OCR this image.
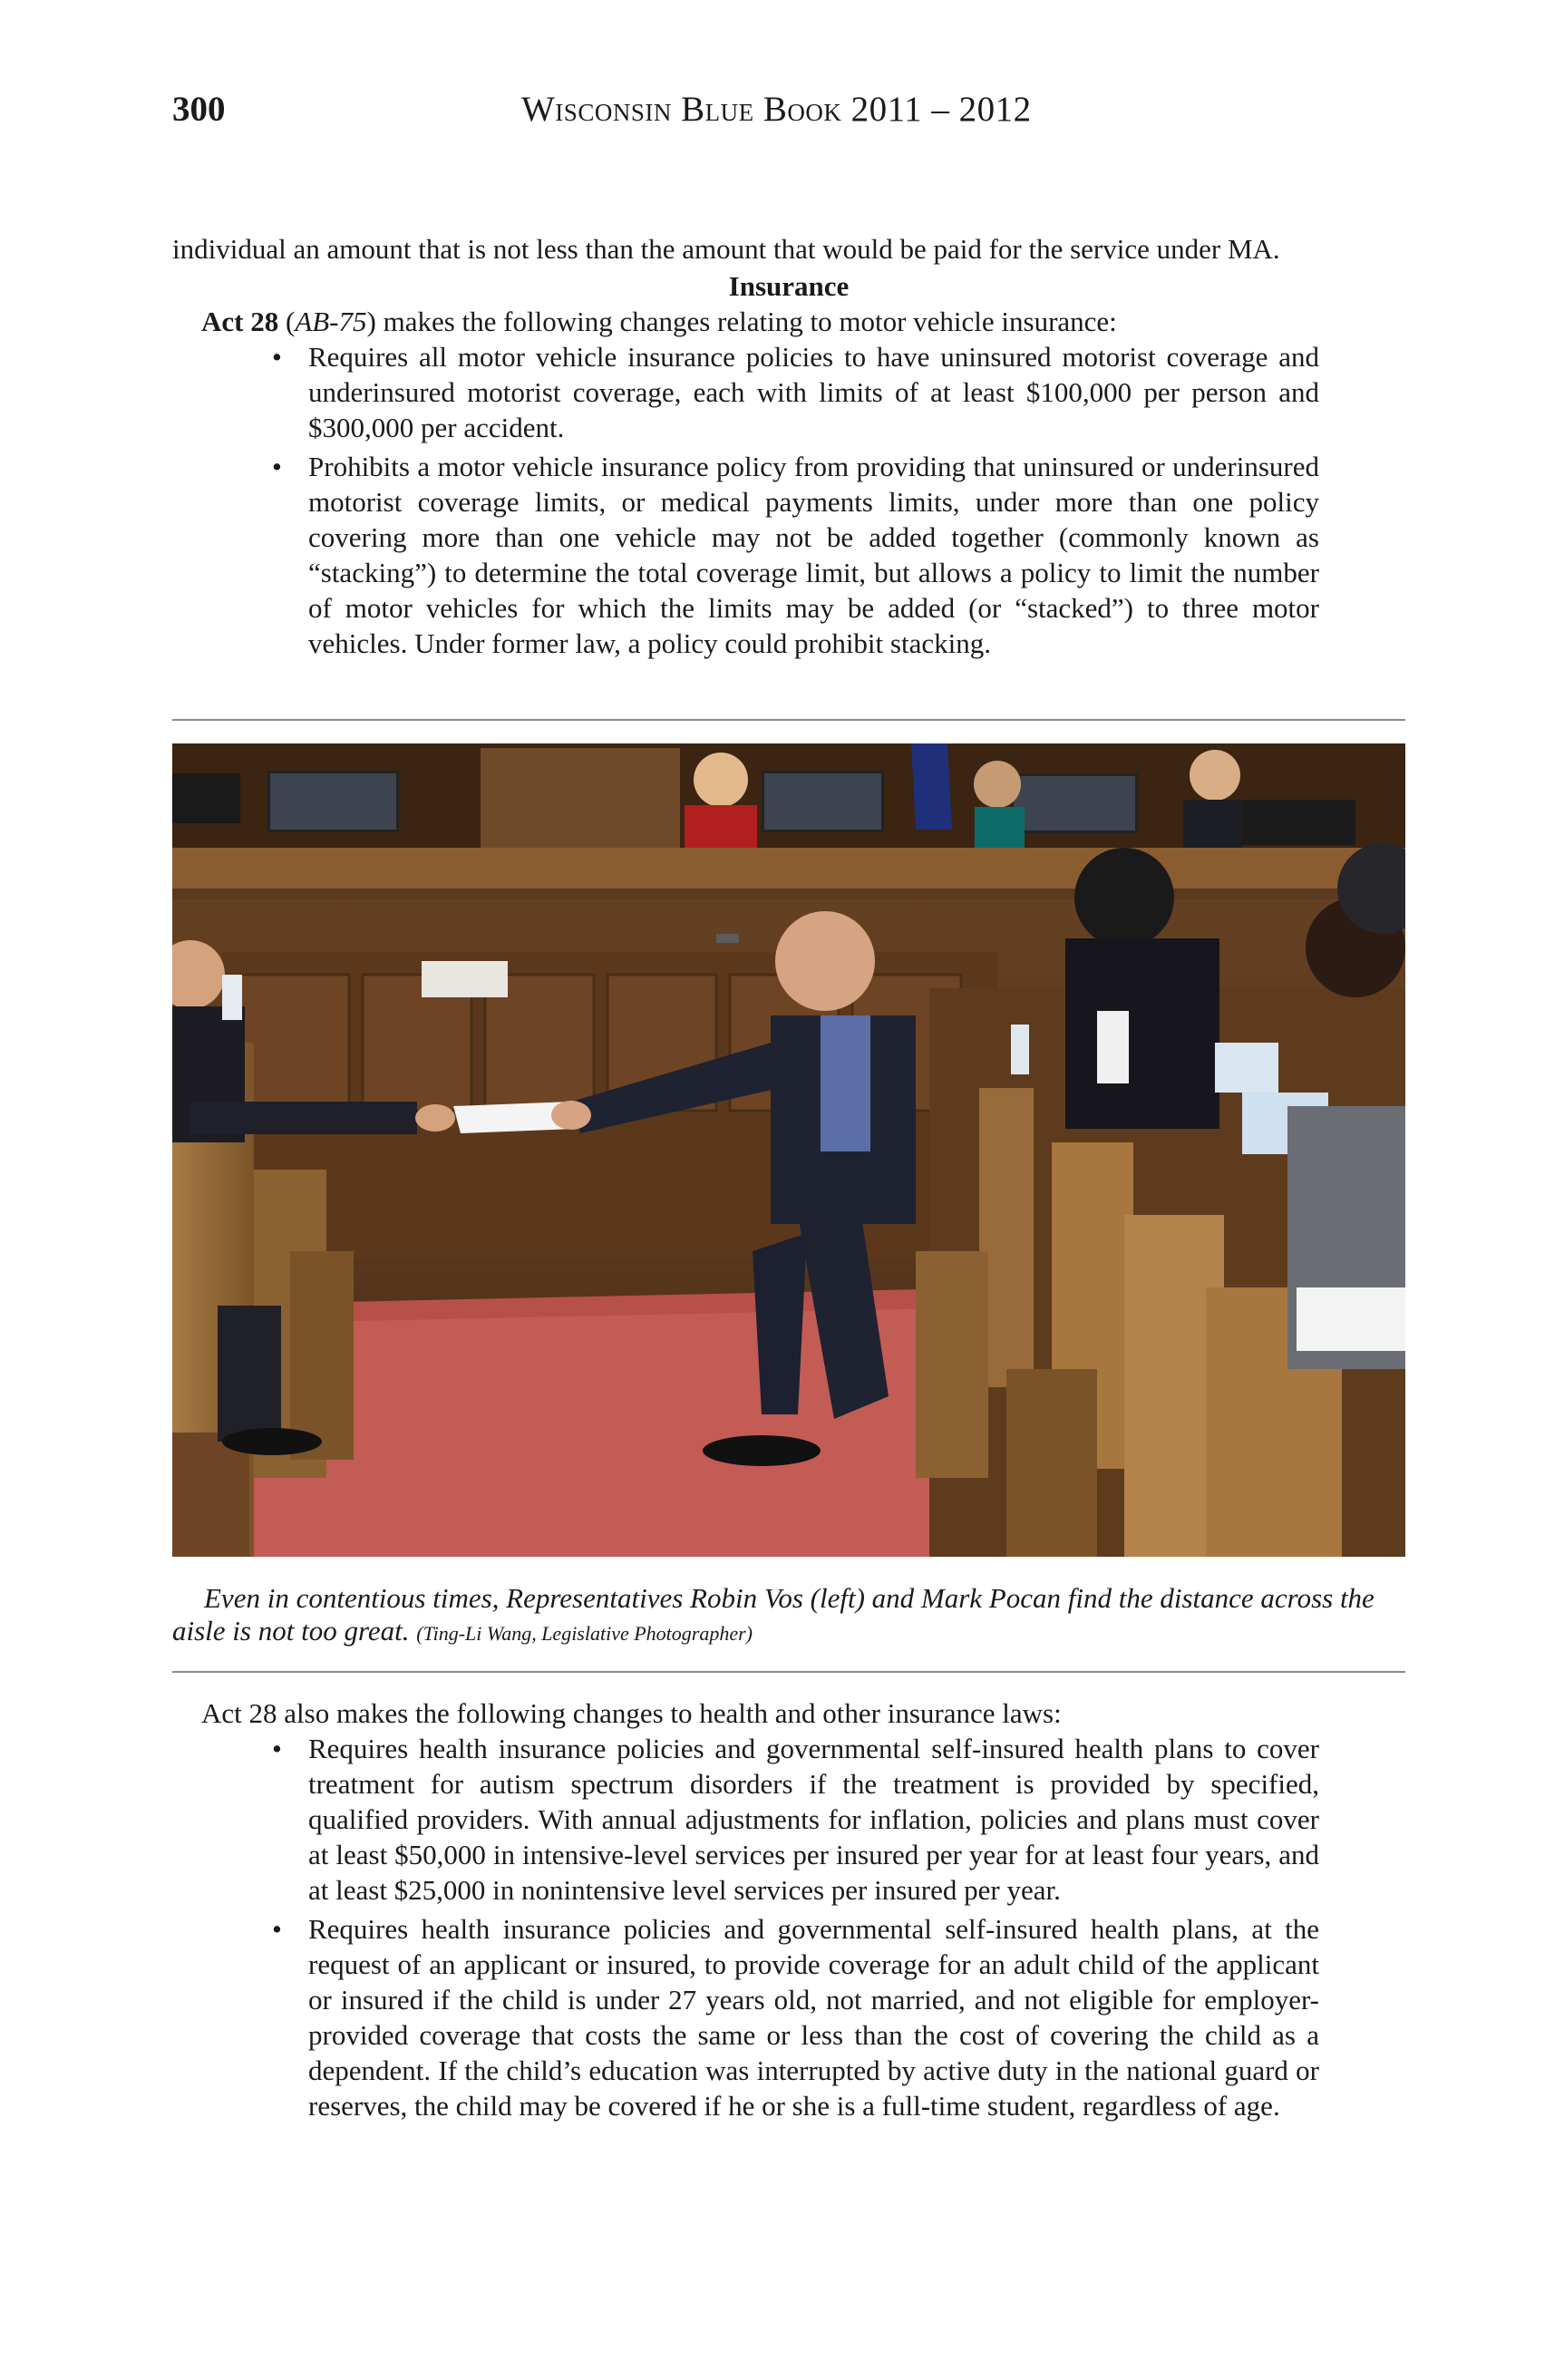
300	Wisconsin Blue Book 2011 – 2012

individual an amount that is not less than the amount that would be paid for the service under MA.

Insurance

Act 28 (AB-75) makes the following changes relating to motor vehicle insurance:

• Requires all motor vehicle insurance policies to have uninsured motorist coverage and underinsured motorist coverage, each with limits of at least $100,000 per person and $300,000 per accident.
• Prohibits a motor vehicle insurance policy from providing that uninsured or underinsured motorist coverage limits, or medical payments limits, under more than one policy covering more than one vehicle may not be added together (commonly known as “stacking”) to determine the total coverage limit, but allows a policy to limit the number of motor vehicles for which the limits may be added (or “stacked”) to three motor vehicles. Under former law, a policy could prohibit stacking.
Even in contentious times, Representatives Robin Vos (left) and Mark Pocan find the distance across the aisle is not too great. (Ting-Li Wang, Legislative Photographer)

Act 28 also makes the following changes to health and other insurance laws:

• Requires health insurance policies and governmental self-insured health plans to cover treatment for autism spectrum disorders if the treatment is provided by specified, qualified providers. With annual adjustments for inflation, policies and plans must cover at least $50,000 in intensive-level services per insured per year for at least four years, and at least $25,000 in nonintensive level services per insured per year.
• Requires health insurance policies and governmental self-insured health plans, at the request of an applicant or insured, to provide coverage for an adult child of the applicant or insured if the child is under 27 years old, not married, and not eligible for employer-provided coverage that costs the same or less than the cost of covering the child as a dependent. If the child’s education was interrupted by active duty in the national guard or reserves, the child may be covered if he or she is a full-time student, regardless of age.
